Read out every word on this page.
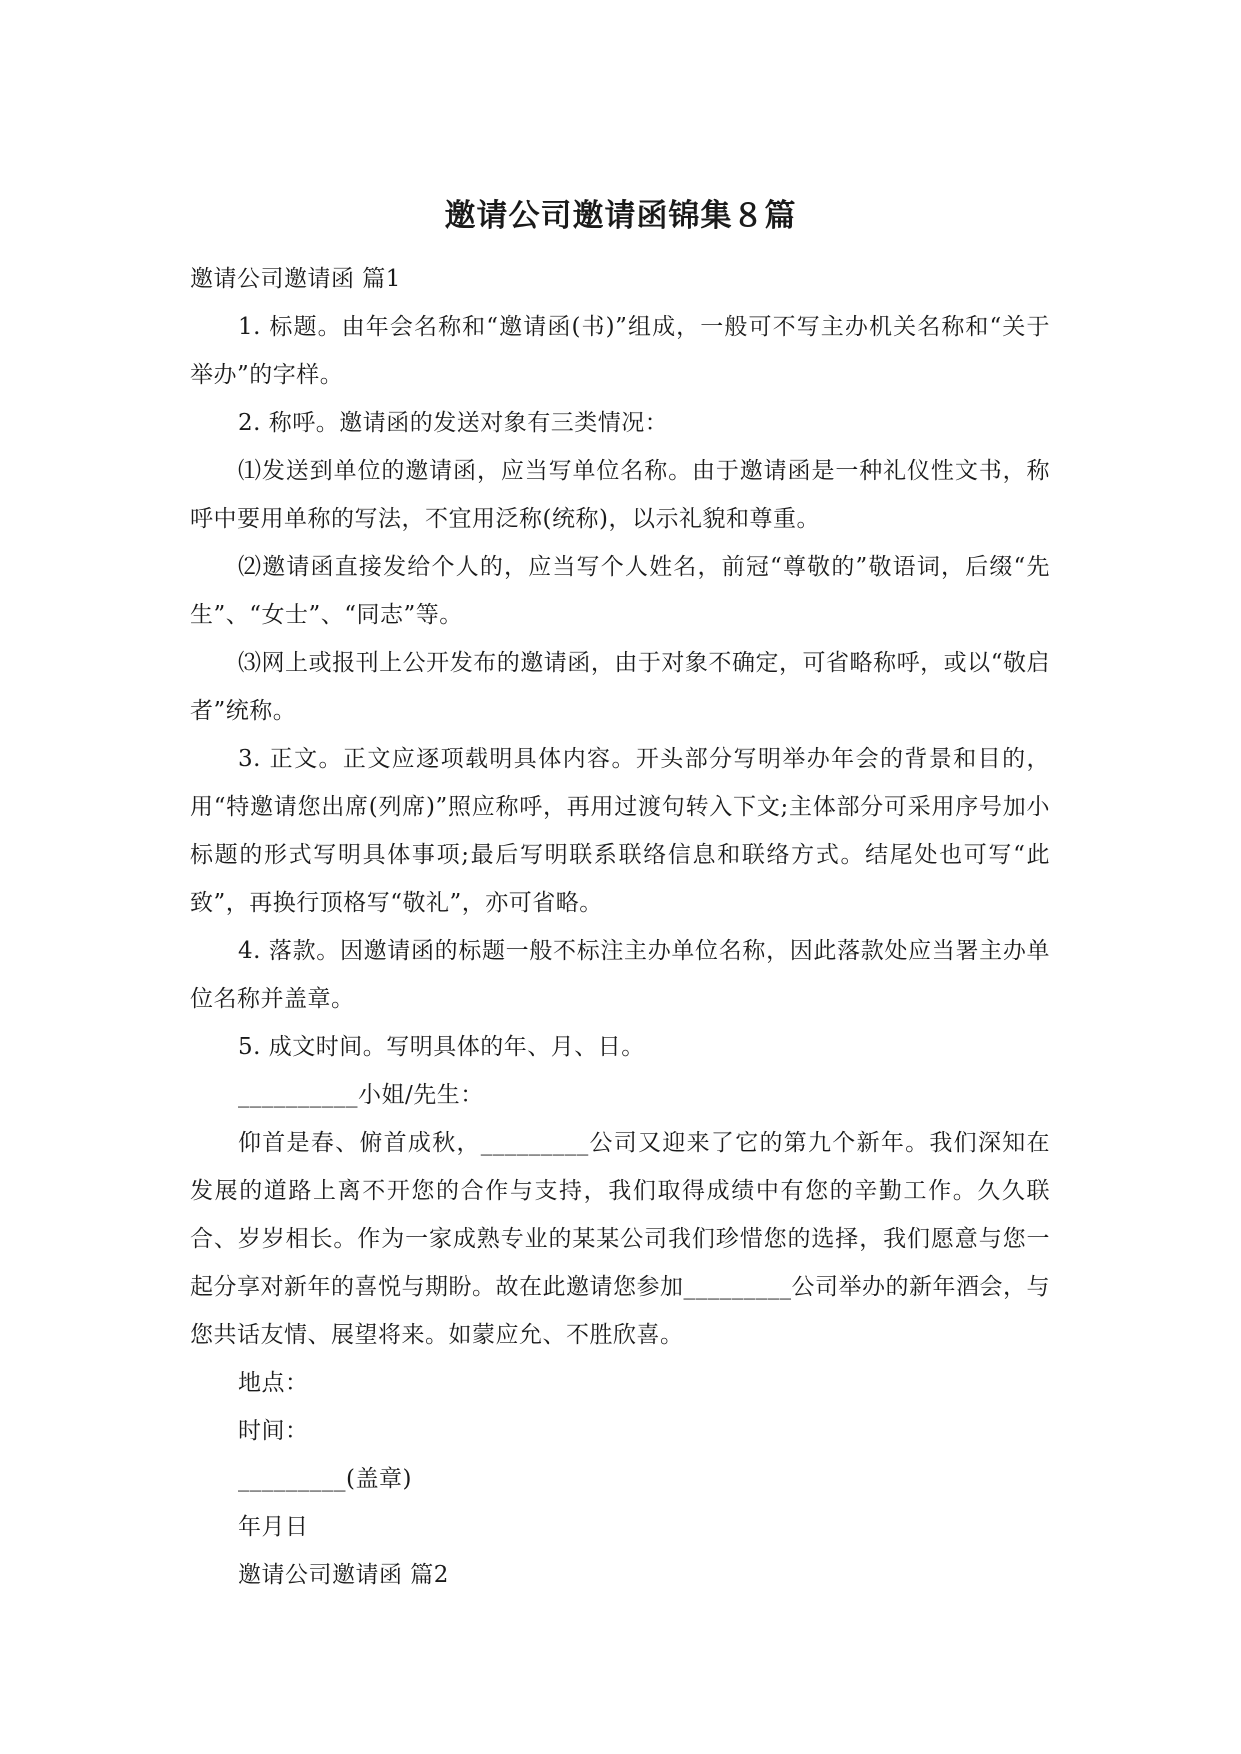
邀请公司邀请函锦集８篇

邀请公司邀请函 篇1

1. 标题。由年会名称和“邀请函(书)”组成，一般可不写主办机关名称和“关于举办”的字样。

2. 称呼。邀请函的发送对象有三类情况：

⑴发送到单位的邀请函，应当写单位名称。由于邀请函是一种礼仪性文书，称呼中要用单称的写法，不宜用泛称(统称)，以示礼貌和尊重。

⑵邀请函直接发给个人的，应当写个人姓名，前冠“尊敬的”敬语词，后缀“先生”、“女士”、“同志”等。

⑶网上或报刊上公开发布的邀请函，由于对象不确定，可省略称呼，或以“敬启者”统称。

3. 正文。正文应逐项载明具体内容。开头部分写明举办年会的背景和目的，用“特邀请您出席(列席)”照应称呼，再用过渡句转入下文;主体部分可采用序号加小标题的形式写明具体事项;最后写明联系联络信息和联络方式。结尾处也可写“此致”，再换行顶格写“敬礼”，亦可省略。

4. 落款。因邀请函的标题一般不标注主办单位名称，因此落款处应当署主办单位名称并盖章。

5. 成文时间。写明具体的年、月、日。

__________小姐/先生：

仰首是春、俯首成秋，_________公司又迎来了它的第九个新年。我们深知在发展的道路上离不开您的合作与支持，我们取得成绩中有您的辛勤工作。久久联合、岁岁相长。作为一家成熟专业的某某公司我们珍惜您的选择，我们愿意与您一起分享对新年的喜悦与期盼。故在此邀请您参加_________公司举办的新年酒会，与您共话友情、展望将来。如蒙应允、不胜欣喜。

地点：

时间：

_________(盖章)

年月日

邀请公司邀请函 篇2
